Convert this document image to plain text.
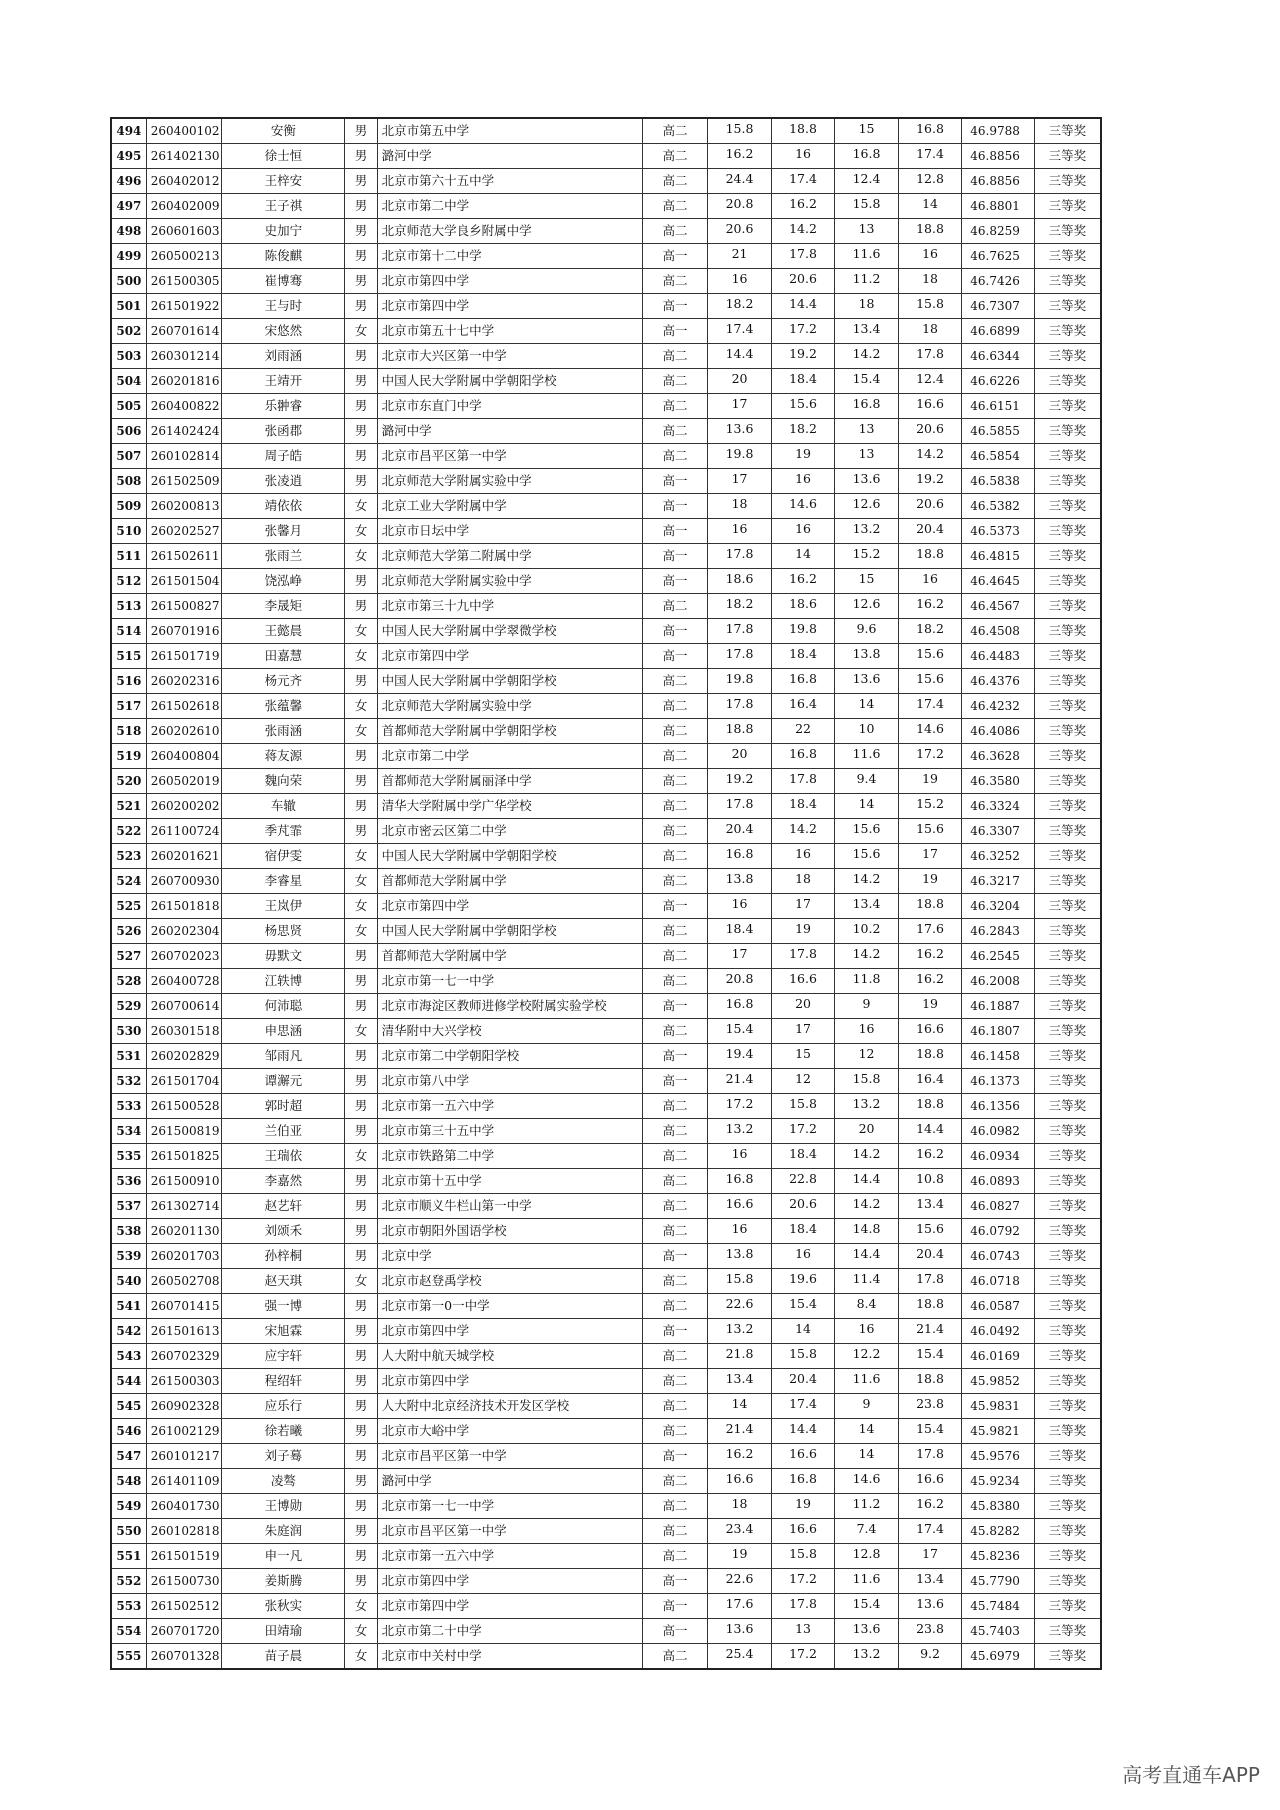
494	260400102	安衡	男	北京市第五中学	高二	15.8	18.8	15	16.8	46.9788	三等奖
495	261402130	徐士恒	男	潞河中学	高二	16.2	16	16.8	17.4	46.8856	三等奖
496	260402012	王梓安	男	北京市第六十五中学	高二	24.4	17.4	12.4	12.8	46.8856	三等奖
497	260402009	王子祺	男	北京市第二中学	高二	20.8	16.2	15.8	14	46.8801	三等奖
498	260601603	史加宁	男	北京师范大学良乡附属中学	高二	20.6	14.2	13	18.8	46.8259	三等奖
499	260500213	陈俊麒	男	北京市第十二中学	高一	21	17.8	11.6	16	46.7625	三等奖
500	261500305	崔博骞	男	北京市第四中学	高二	16	20.6	11.2	18	46.7426	三等奖
501	261501922	王与时	男	北京市第四中学	高一	18.2	14.4	18	15.8	46.7307	三等奖
502	260701614	宋悠然	女	北京市第五十七中学	高一	17.4	17.2	13.4	18	46.6899	三等奖
503	260301214	刘雨涵	男	北京市大兴区第一中学	高二	14.4	19.2	14.2	17.8	46.6344	三等奖
504	260201816	王靖开	男	中国人民大学附属中学朝阳学校	高二	20	18.4	15.4	12.4	46.6226	三等奖
505	260400822	乐翀睿	男	北京市东直门中学	高二	17	15.6	16.8	16.6	46.6151	三等奖
506	261402424	张函郡	男	潞河中学	高二	13.6	18.2	13	20.6	46.5855	三等奖
507	260102814	周子皓	男	北京市昌平区第一中学	高二	19.8	19	13	14.2	46.5854	三等奖
508	261502509	张凌逍	男	北京师范大学附属实验中学	高一	17	16	13.6	19.2	46.5838	三等奖
509	260200813	靖依依	女	北京工业大学附属中学	高一	18	14.6	12.6	20.6	46.5382	三等奖
510	260202527	张馨月	女	北京市日坛中学	高一	16	16	13.2	20.4	46.5373	三等奖
511	261502611	张雨兰	女	北京师范大学第二附属中学	高一	17.8	14	15.2	18.8	46.4815	三等奖
512	261501504	饶泓峥	男	北京师范大学附属实验中学	高一	18.6	16.2	15	16	46.4645	三等奖
513	261500827	李晟矩	男	北京市第三十九中学	高二	18.2	18.6	12.6	16.2	46.4567	三等奖
514	260701916	王懿晨	女	中国人民大学附属中学翠微学校	高一	17.8	19.8	9.6	18.2	46.4508	三等奖
515	261501719	田嘉慧	女	北京市第四中学	高一	17.8	18.4	13.8	15.6	46.4483	三等奖
516	260202316	杨元齐	男	中国人民大学附属中学朝阳学校	高二	19.8	16.8	13.6	15.6	46.4376	三等奖
517	261502618	张蕴馨	女	北京师范大学附属实验中学	高二	17.8	16.4	14	17.4	46.4232	三等奖
518	260202610	张雨涵	女	首都师范大学附属中学朝阳学校	高二	18.8	22	10	14.6	46.4086	三等奖
519	260400804	蒋友源	男	北京市第二中学	高二	20	16.8	11.6	17.2	46.3628	三等奖
520	260502019	魏向荣	男	首都师范大学附属丽泽中学	高二	19.2	17.8	9.4	19	46.3580	三等奖
521	260200202	车辙	男	清华大学附属中学广华学校	高二	17.8	18.4	14	15.2	46.3324	三等奖
522	261100724	季芃霏	男	北京市密云区第二中学	高二	20.4	14.2	15.6	15.6	46.3307	三等奖
523	260201621	宿伊雯	女	中国人民大学附属中学朝阳学校	高二	16.8	16	15.6	17	46.3252	三等奖
524	260700930	李睿星	女	首都师范大学附属中学	高二	13.8	18	14.2	19	46.3217	三等奖
525	261501818	王岚伊	女	北京市第四中学	高一	16	17	13.4	18.8	46.3204	三等奖
526	260202304	杨思贤	女	中国人民大学附属中学朝阳学校	高二	18.4	19	10.2	17.6	46.2843	三等奖
527	260702023	毋默文	男	首都师范大学附属中学	高二	17	17.8	14.2	16.2	46.2545	三等奖
528	260400728	江轶博	男	北京市第一七一中学	高二	20.8	16.6	11.8	16.2	46.2008	三等奖
529	260700614	何沛聪	男	北京市海淀区教师进修学校附属实验学校	高一	16.8	20	9	19	46.1887	三等奖
530	260301518	申思涵	女	清华附中大兴学校	高二	15.4	17	16	16.6	46.1807	三等奖
531	260202829	邹雨凡	男	北京市第二中学朝阳学校	高一	19.4	15	12	18.8	46.1458	三等奖
532	261501704	谭澥元	男	北京市第八中学	高一	21.4	12	15.8	16.4	46.1373	三等奖
533	261500528	郭时超	男	北京市第一五六中学	高二	17.2	15.8	13.2	18.8	46.1356	三等奖
534	261500819	兰伯亚	男	北京市第三十五中学	高二	13.2	17.2	20	14.4	46.0982	三等奖
535	261501825	王瑞依	女	北京市铁路第二中学	高二	16	18.4	14.2	16.2	46.0934	三等奖
536	261500910	李嘉然	男	北京市第十五中学	高二	16.8	22.8	14.4	10.8	46.0893	三等奖
537	261302714	赵艺轩	男	北京市顺义牛栏山第一中学	高二	16.6	20.6	14.2	13.4	46.0827	三等奖
538	260201130	刘颂禾	男	北京市朝阳外国语学校	高二	16	18.4	14.8	15.6	46.0792	三等奖
539	260201703	孙梓桐	男	北京中学	高一	13.8	16	14.4	20.4	46.0743	三等奖
540	260502708	赵天琪	女	北京市赵登禹学校	高二	15.8	19.6	11.4	17.8	46.0718	三等奖
541	260701415	强一博	男	北京市第一0一中学	高二	22.6	15.4	8.4	18.8	46.0587	三等奖
542	261501613	宋旭霖	男	北京市第四中学	高一	13.2	14	16	21.4	46.0492	三等奖
543	260702329	应宇轩	男	人大附中航天城学校	高二	21.8	15.8	12.2	15.4	46.0169	三等奖
544	261500303	程绍轩	男	北京市第四中学	高二	13.4	20.4	11.6	18.8	45.9852	三等奖
545	260902328	应乐行	男	人大附中北京经济技术开发区学校	高二	14	17.4	9	23.8	45.9831	三等奖
546	261002129	徐若曦	男	北京市大峪中学	高二	21.4	14.4	14	15.4	45.9821	三等奖
547	260101217	刘子蓦	男	北京市昌平区第一中学	高一	16.2	16.6	14	17.8	45.9576	三等奖
548	261401109	凌骜	男	潞河中学	高二	16.6	16.8	14.6	16.6	45.9234	三等奖
549	260401730	王博勋	男	北京市第一七一中学	高二	18	19	11.2	16.2	45.8380	三等奖
550	260102818	朱庭润	男	北京市昌平区第一中学	高二	23.4	16.6	7.4	17.4	45.8282	三等奖
551	261501519	申一凡	男	北京市第一五六中学	高二	19	15.8	12.8	17	45.8236	三等奖
552	261500730	姜斯腾	男	北京市第四中学	高一	22.6	17.2	11.6	13.4	45.7790	三等奖
553	261502512	张秋实	女	北京市第四中学	高一	17.6	17.8	15.4	13.6	45.7484	三等奖
554	260701720	田靖瑜	女	北京市第二十中学	高一	13.6	13	13.6	23.8	45.7403	三等奖
555	260701328	苗子晨	女	北京市中关村中学	高二	25.4	17.2	13.2	9.2	45.6979	三等奖
高考直通车APP
